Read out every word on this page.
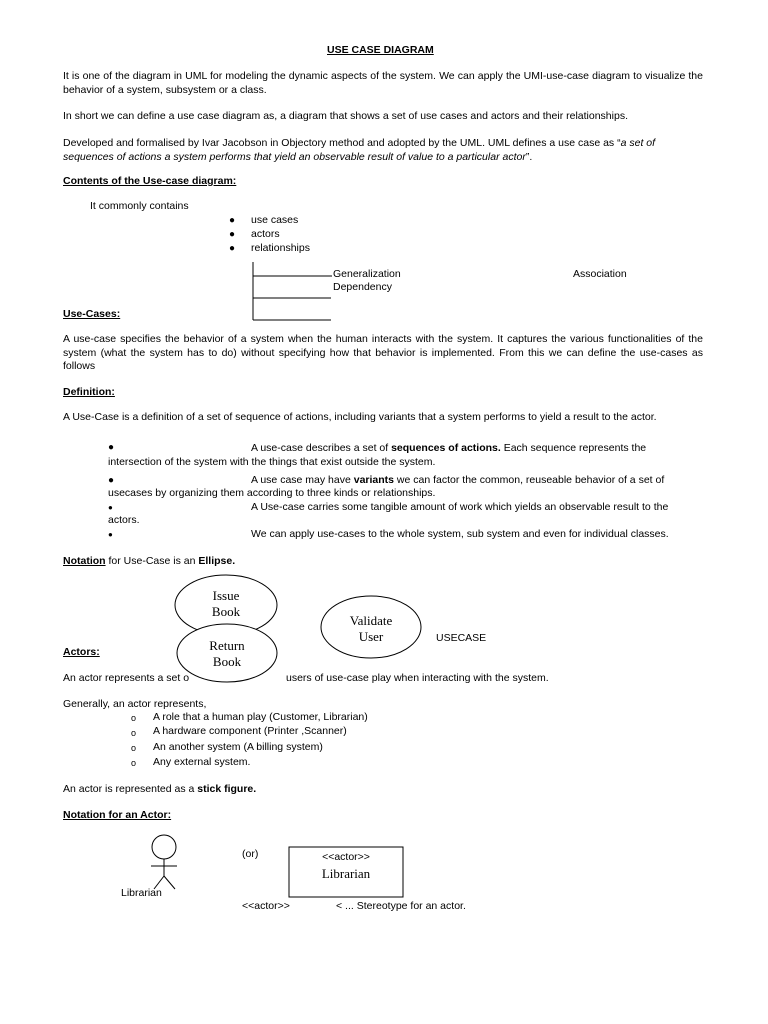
USE CASE DIAGRAM
It is one of the diagram in UML for modeling the dynamic aspects of the system. We can apply the UMI-use-case diagram to visualize the behavior of a system, subsystem or a class.
In short we can define a use case diagram as, a diagram that shows a set of use cases and actors and their relationships.
Developed and formalised by Ivar Jacobson in Objectory method and adopted by the UML. UML defines a use case as “a set of
sequences of actions a system performs that yield an observable result of value to a particular actor”.
Contents of the Use-case diagram:
It commonly contains
● use cases
● actors
● relationships
Generalization
Dependency
Association
Use-Cases:
A use-case specifies the behavior of a system when the human interacts with the system. It captures the various functionalities of the system (what the system has to do) without specifying how that behavior is implemented. From this we can define the use-cases as follows
Definition:
A Use-Case is a definition of a set of sequence of actions, including variants that a system performs to yield a result to the actor.
●	A use-case describes a set of sequences of actions. Each sequence represents the
intersection of the system with the things that exist outside the system.
●	A use case may have variants we can factor the common, reuseable behavior of a set of
usecases by organizing them according to three kinds or relationships.
●	A Use-case carries some tangible amount of work which yields an observable result to the
actors.
●	We can apply use-cases to the whole system, sub system and even for individual classes.
Notation for Use-Case is an Ellipse.
Actors:
An actor represents a set o	users of use-case play when interacting with the system.
Generally, an actor represents,
o A role that a human play (Customer, Librarian)
o A hardware component (Printer ,Scanner)
o An another system (A billing system)
o Any external system.
An actor is represented as a stick figure.
Notation for an Actor:
Issue
Book
Return
Book
Validate
User	USECASE
Librarian
(or)	<<actor>>
Librarian
<<actor>>	< ... Stereotype for an actor.
